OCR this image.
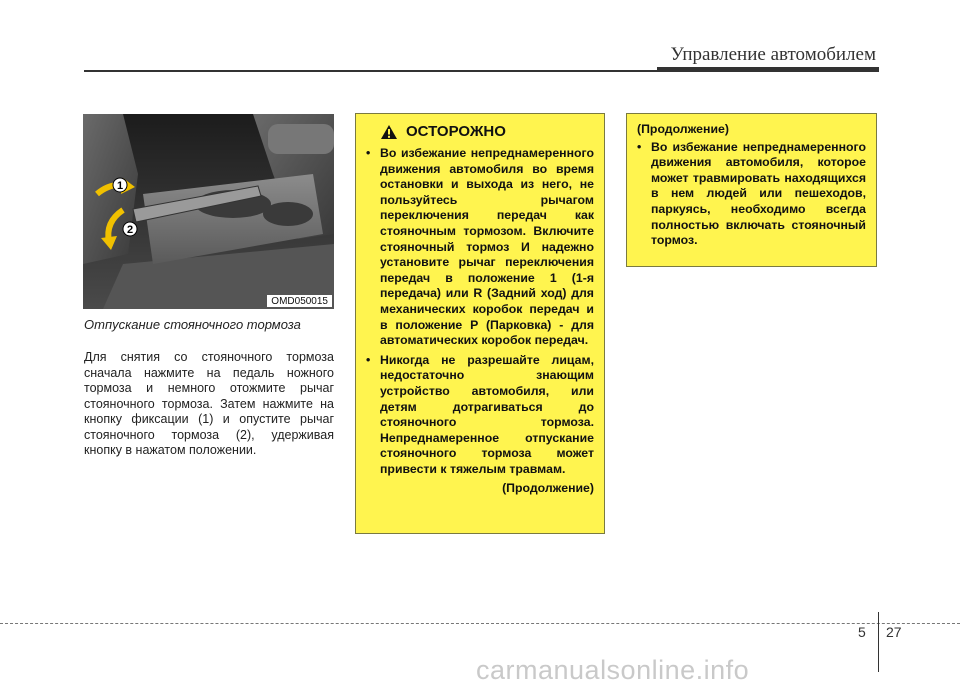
Управление автомобилем
1
2
OMD050015
Отпускание стояночного тормоза
Для снятия со стояночного тормоза сначала нажмите на педаль ножного тормоза и немного отожмите рычаг стояночного тормоза. Затем нажмите на кнопку фиксации (1) и опустите рычаг стояночного тормоза (2), удерживая кнопку в нажатом положении.
ОСТОРОЖНО
• Во избежание непреднамеренного движения автомобиля во время остановки и выхода из него, не пользуйтесь рычагом переключения передач как стояночным тормозом. Включите стояночный тормоз И надежно установите рычаг переключения передач в положение 1 (1-я передача) или R (Задний ход) для механических коробок передач и в положение P (Парковка) - для автоматических коробок передач.
• Никогда не разрешайте лицам, недостаточно знающим устройство автомобиля, или детям дотрагиваться до стояночного тормоза. Непреднамеренное отпускание стояночного тормоза может привести к тяжелым травмам.
(Продолжение)
(Продолжение)
• Во избежание непреднамеренного движения автомобиля, которое может травмировать находящихся в нем людей или пешеходов, паркуясь, необходимо всегда полностью включать стояночный тормоз.
5 27
carmanualsonline.info
